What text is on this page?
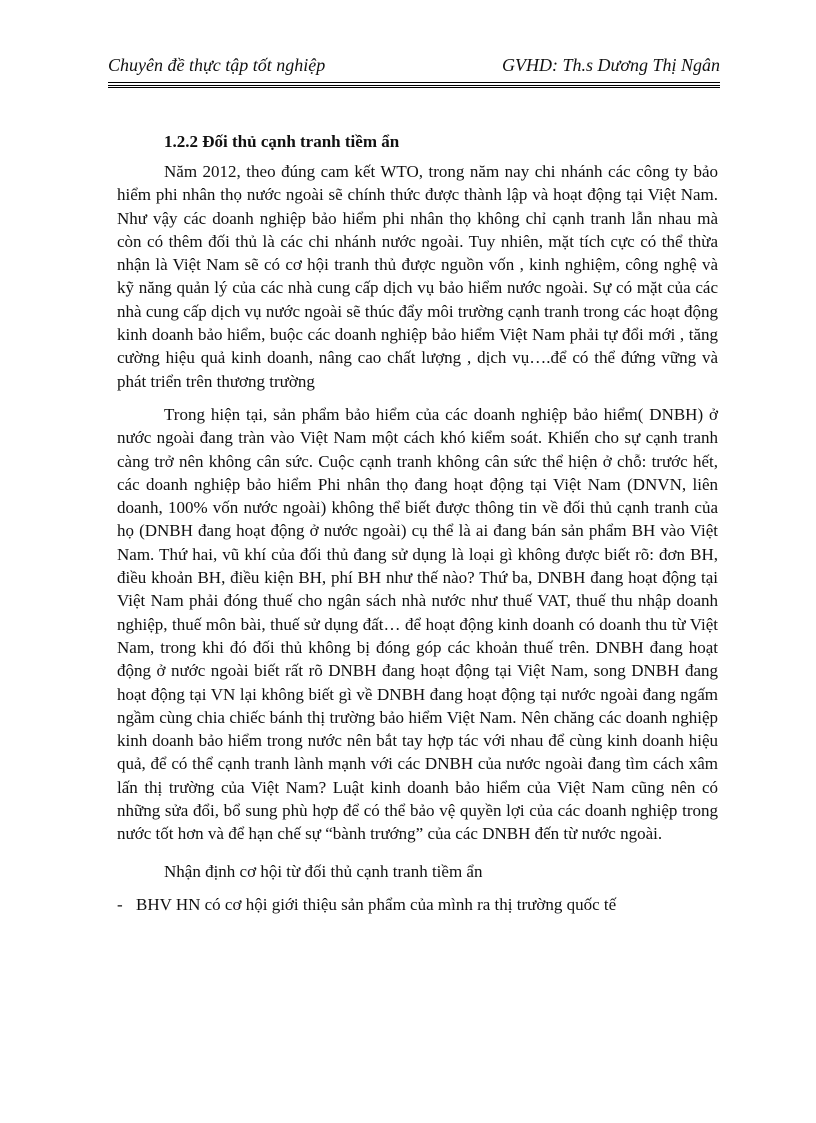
Chuyên đề thực tập tốt nghiệp	GVHD: Th.s Dương Thị Ngân
1.2.2 Đối thủ cạnh tranh tiềm ẩn

Năm 2012, theo đúng cam kết WTO, trong năm nay chi nhánh các công ty bảo hiểm phi nhân thọ nước ngoài sẽ chính thức được thành lập và hoạt động tại Việt Nam. Như vậy các doanh nghiệp bảo hiểm phi nhân thọ không chỉ cạnh tranh lẫn nhau mà còn có thêm đối thủ là các chi nhánh nước ngoài. Tuy nhiên, mặt tích cực có thể thừa nhận là Việt Nam sẽ có cơ hội tranh thủ được nguồn vốn , kinh nghiệm, công nghệ và kỹ năng quản lý của các nhà cung cấp dịch vụ bảo hiểm nước ngoài. Sự có mặt của các nhà cung cấp dịch vụ nước ngoài sẽ thúc đẩy môi trường cạnh tranh trong các hoạt động kinh doanh bảo hiểm, buộc các doanh nghiệp bảo hiểm Việt Nam phải tự đổi mới , tăng cường hiệu quả kinh doanh, nâng cao chất lượng , dịch vụ….để có thể đứng vững và phát triển trên thương trường

Trong hiện tại, sản phẩm bảo hiểm của các doanh nghiệp bảo hiểm( DNBH) ở nước ngoài đang tràn vào Việt Nam một cách khó kiểm soát. Khiến cho sự cạnh tranh càng trở nên không cân sức. Cuộc cạnh tranh không cân sức thể hiện ở chỗ: trước hết, các doanh nghiệp bảo hiểm Phi nhân thọ đang hoạt động tại Việt Nam (DNVN, liên doanh, 100% vốn nước ngoài) không thể biết được thông tin về đối thủ cạnh tranh của họ (DNBH đang hoạt động ở nước ngoài) cụ thể là ai đang bán sản phẩm BH vào Việt Nam. Thứ hai, vũ khí của đối thủ đang sử dụng là loại gì không được biết rõ: đơn BH, điều khoản BH, điều kiện BH, phí BH như thế nào? Thứ ba, DNBH đang hoạt động tại Việt Nam phải đóng thuế cho ngân sách nhà nước như thuế VAT, thuế thu nhập doanh nghiệp, thuế môn bài, thuế sử dụng đất… để hoạt động kinh doanh có doanh thu từ Việt Nam, trong khi đó đối thủ không bị đóng góp các khoản thuế trên. DNBH đang hoạt động ở nước ngoài biết rất rõ DNBH đang hoạt động tại Việt Nam, song DNBH đang hoạt động tại VN lại không biết gì về DNBH đang hoạt động tại nước ngoài đang ngấm ngầm cùng chia chiếc bánh thị trường bảo hiểm Việt Nam. Nên chăng các doanh nghiệp kinh doanh bảo hiểm trong nước nên bắt tay hợp tác với nhau để cùng kinh doanh hiệu quả, để có thể cạnh tranh lành mạnh với các DNBH của nước ngoài đang tìm cách xâm lấn thị trường của Việt Nam? Luật kinh doanh bảo hiểm của Việt Nam cũng nên có những sửa đổi, bổ sung phù hợp để có thể bảo vệ quyền lợi của các doanh nghiệp trong nước tốt hơn và để hạn chế sự “bành trướng” của các DNBH đến từ nước ngoài.

Nhận định cơ hội từ đối thủ cạnh tranh tiềm ẩn

- BHV HN có cơ hội giới thiệu sản phẩm của mình ra thị trường quốc tế
